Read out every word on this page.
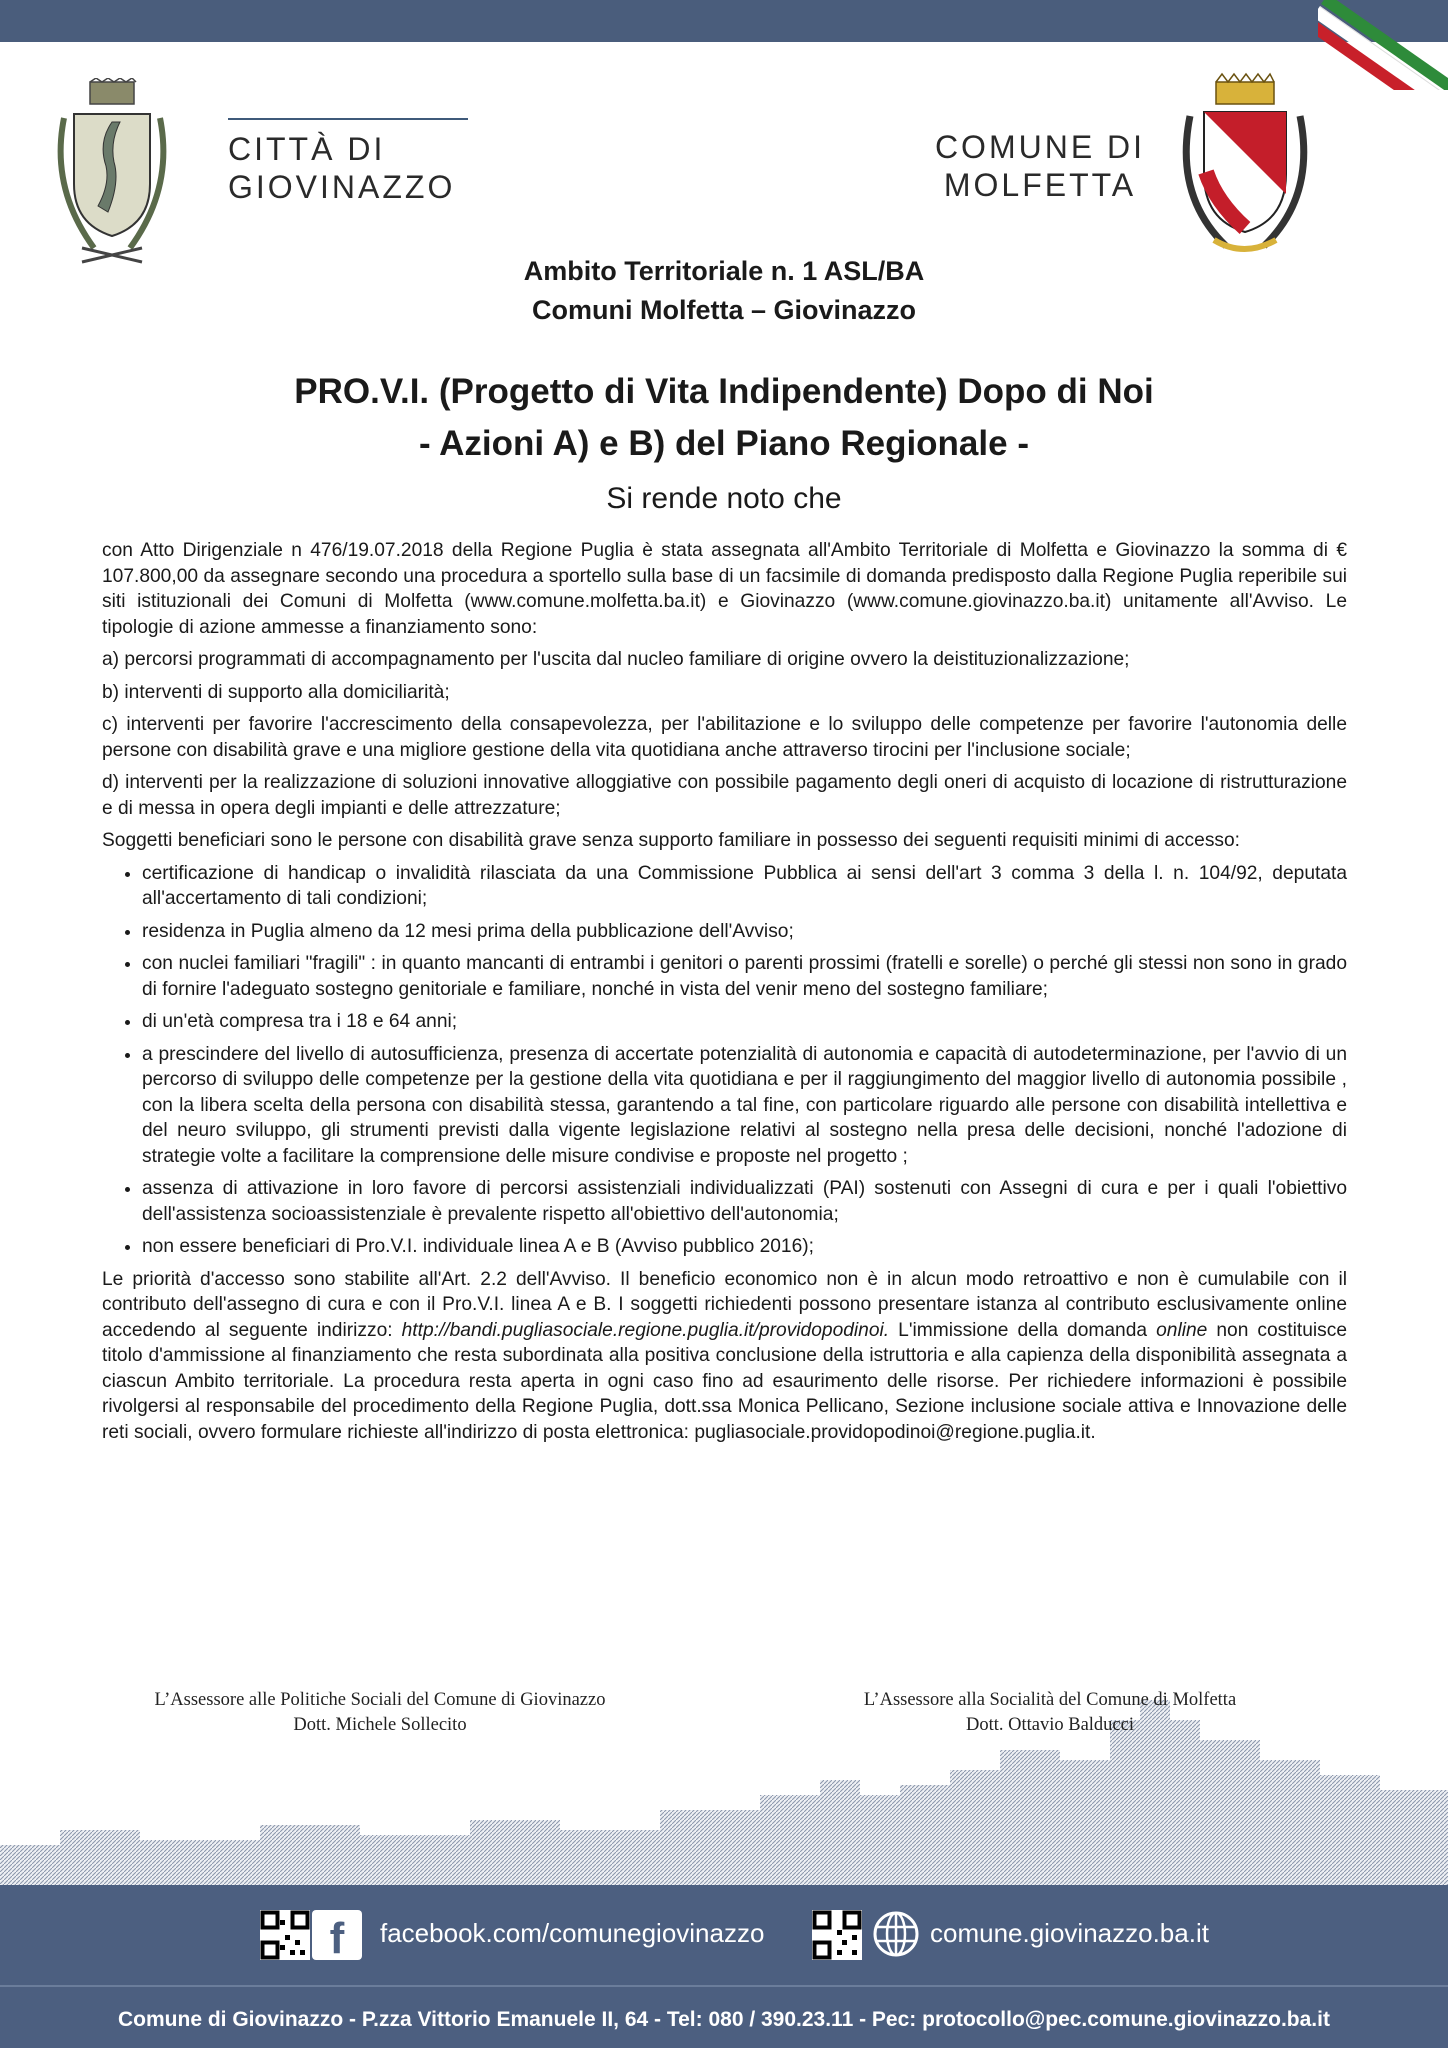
CITTÀ DI
GIOVINAZZO
COMUNE DI
MOLFETTA
Ambito Territoriale n. 1 ASL/BA
Comuni Molfetta – Giovinazzo
PRO.V.I. (Progetto di Vita Indipendente) Dopo di Noi
- Azioni A) e B) del Piano Regionale -
Si rende noto che

con Atto Dirigenziale n 476/19.07.2018 della Regione Puglia è stata assegnata all'Ambito Territoriale di Molfetta e Giovinazzo la somma di € 107.800,00 da assegnare secondo una procedura a sportello sulla base di un facsimile di domanda predisposto dalla Regione Puglia reperibile sui siti istituzionali dei Comuni di Molfetta (www.comune.molfetta.ba.it) e Giovinazzo (www.comune.giovinazzo.ba.it) unitamente all'Avviso. Le tipologie di azione ammesse a finanziamento sono:

a) percorsi programmati di accompagnamento per l'uscita dal nucleo familiare di origine ovvero la deistituzionalizzazione;

b) interventi di supporto alla domiciliarità;

c) interventi per favorire l'accrescimento della consapevolezza, per l'abilitazione e lo sviluppo delle competenze per favorire l'autonomia delle persone con disabilità grave e una migliore gestione della vita quotidiana anche attraverso tirocini per l'inclusione sociale;

d) interventi per la realizzazione di soluzioni innovative alloggiative con possibile pagamento degli oneri di acquisto di locazione di ristrutturazione e di messa in opera degli impianti e delle attrezzature;

Soggetti beneficiari sono le persone con disabilità grave senza supporto familiare in possesso dei seguenti requisiti minimi di accesso:

• certificazione di handicap o invalidità rilasciata da una Commissione Pubblica ai sensi dell'art 3 comma 3 della l. n. 104/92, deputata all'accertamento di tali condizioni;
• residenza in Puglia almeno da 12 mesi prima della pubblicazione dell'Avviso;
• con nuclei familiari "fragili" : in quanto mancanti di entrambi i genitori o parenti prossimi (fratelli e sorelle) o perché gli stessi non sono in grado di fornire l'adeguato sostegno genitoriale e familiare, nonché in vista del venir meno del sostegno familiare;
• di un'età compresa tra i 18 e 64 anni;
• a prescindere del livello di autosufficienza, presenza di accertate potenzialità di autonomia e capacità di autodeterminazione, per l'avvio di un percorso di sviluppo delle competenze per la gestione della vita quotidiana e per il raggiungimento del maggior livello di autonomia possibile , con la libera scelta della persona con disabilità stessa, garantendo a tal fine, con particolare riguardo alle persone con disabilità intellettiva e del neuro sviluppo, gli strumenti previsti dalla vigente legislazione relativi al sostegno nella presa delle decisioni, nonché l'adozione di strategie volte a facilitare la comprensione delle misure condivise e proposte nel progetto ;
• assenza di attivazione in loro favore di percorsi assistenziali individualizzati (PAI) sostenuti con Assegni di cura e per i quali l'obiettivo dell'assistenza socioassistenziale è prevalente rispetto all'obiettivo dell'autonomia;
• non essere beneficiari di Pro.V.I. individuale linea A e B (Avviso pubblico 2016);

Le priorità d'accesso sono stabilite all'Art. 2.2 dell'Avviso. Il beneficio economico non è in alcun modo retroattivo e non è cumulabile con il contributo dell'assegno di cura e con il Pro.V.I. linea A e B. I soggetti richiedenti possono presentare istanza al contributo esclusivamente online accedendo al seguente indirizzo: http://bandi.pugliasociale.regione.puglia.it/providopodinoi. L'immissione della domanda online non costituisce titolo d'ammissione al finanziamento che resta subordinata alla positiva conclusione della istruttoria e alla capienza della disponibilità assegnata a ciascun Ambito territoriale. La procedura resta aperta in ogni caso fino ad esaurimento delle risorse. Per richiedere informazioni è possibile rivolgersi al responsabile del procedimento della Regione Puglia, dott.ssa Monica Pellicano, Sezione inclusione sociale attiva e Innovazione delle reti sociali, ovvero formulare richieste all'indirizzo di posta elettronica: pugliasociale.providopodinoi@regione.puglia.it.

L’Assessore alle Politiche Sociali del Comune di Giovinazzo
Dott. Michele Sollecito
L’Assessore alla Socialità del Comune di Molfetta
Dott. Ottavio Balducci
f	facebook.com/comunegiovinazzo	comune.giovinazzo.ba.it
Comune di Giovinazzo - P.zza Vittorio Emanuele II, 64 - Tel: 080 / 390.23.11 - Pec: protocollo@pec.comune.giovinazzo.ba.it
